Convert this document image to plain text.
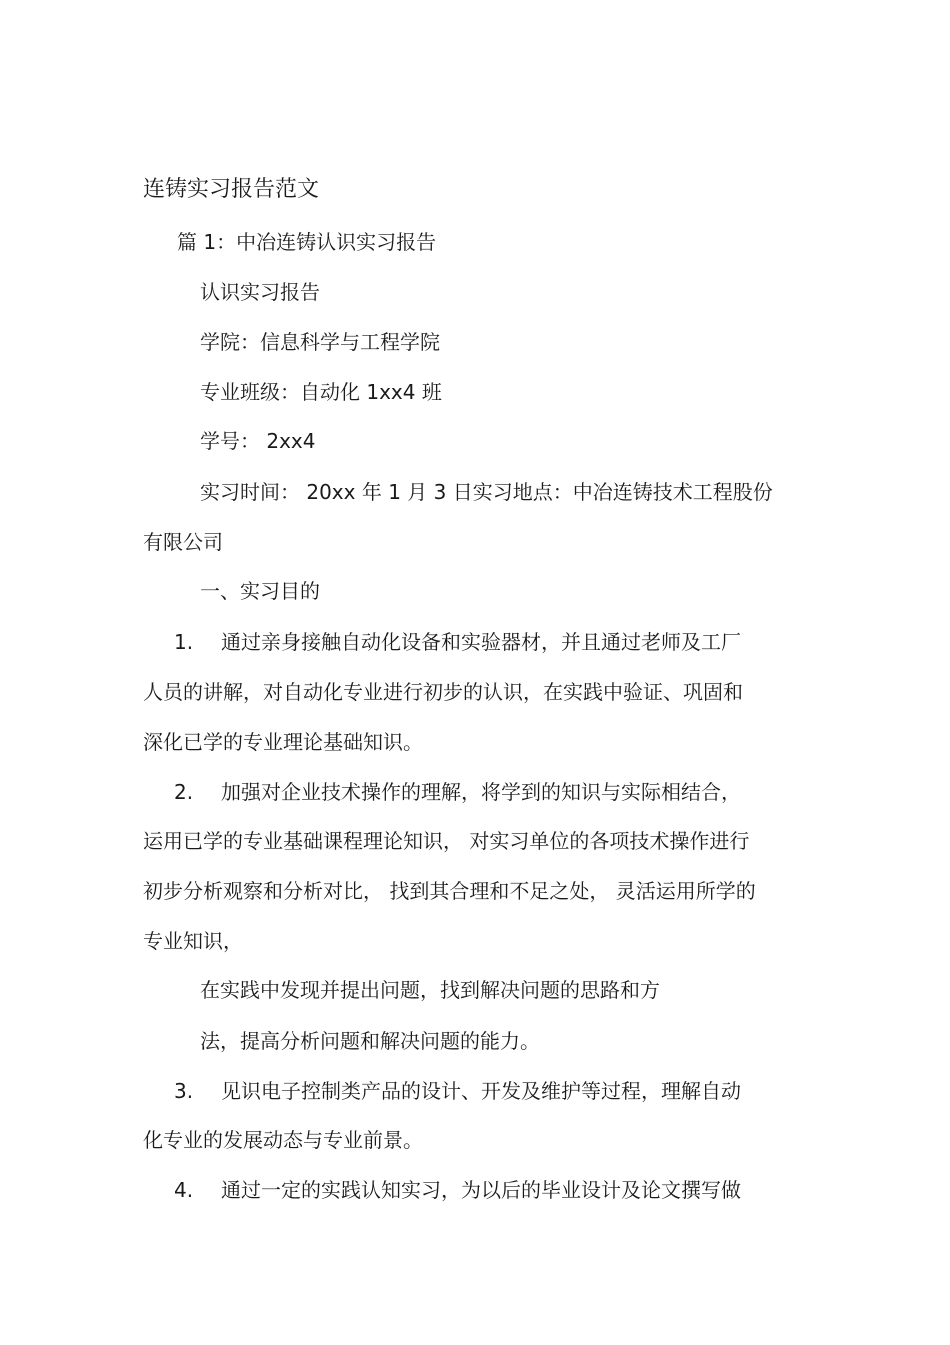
连铸实习报告范文
篇 1：中冶连铸认识实习报告
认识实习报告
学院：信息科学与工程学院
专业班级：自动化 1xx4 班
学号： 2xx4
实习时间： 20xx 年 1 月 3 日实习地点：中冶连铸技术工程股份
有限公司
一、实习目的
1. 通过亲身接触自动化设备和实验器材，并且通过老师及工厂
人员的讲解，对自动化专业进行初步的认识，在实践中验证、巩固和
深化已学的专业理论基础知识。
2. 加强对企业技术操作的理解，将学到的知识与实际相结合，
运用已学的专业基础课程理论知识， 对实习单位的各项技术操作进行
初步分析观察和分析对比， 找到其合理和不足之处， 灵活运用所学的
专业知识，
在实践中发现并提出问题，找到解决问题的思路和方
法，提高分析问题和解决问题的能力。
3. 见识电子控制类产品的设计、开发及维护等过程，理解自动
化专业的发展动态与专业前景。
4. 通过一定的实践认知实习，为以后的毕业设计及论文撰写做
